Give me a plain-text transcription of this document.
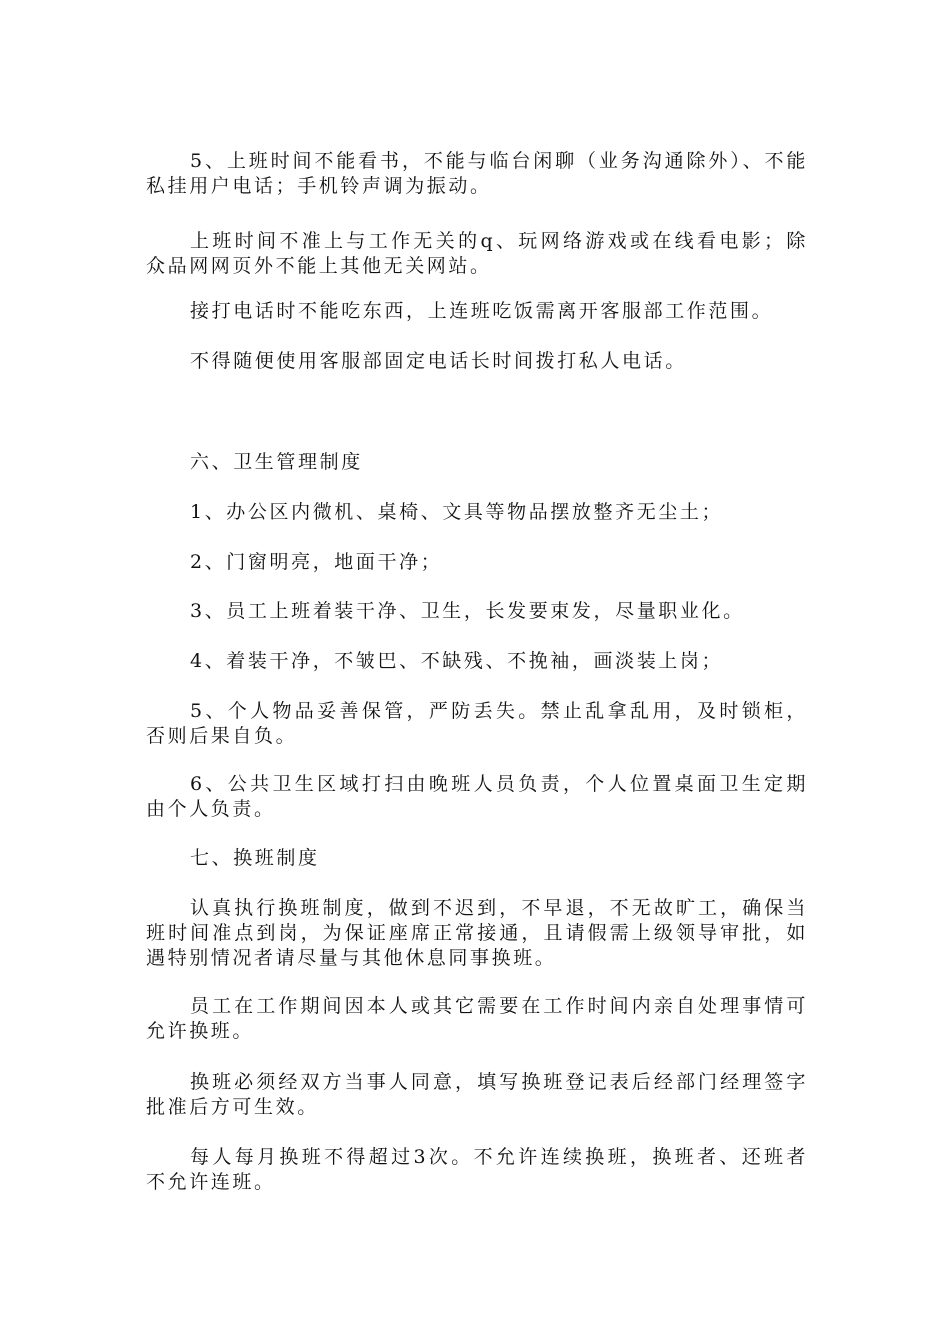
5、上班时间不能看书，不能与临台闲聊（业务沟通除外）、不能私挂用户电话；手机铃声调为振动。

上班时间不准上与工作无关的q、玩网络游戏或在线看电影；除众品网网页外不能上其他无关网站。

接打电话时不能吃东西，上连班吃饭需离开客服部工作范围。

不得随便使用客服部固定电话长时间拨打私人电话。

六、卫生管理制度

1、办公区内微机、桌椅、文具等物品摆放整齐无尘土；

2、门窗明亮，地面干净；

3、员工上班着装干净、卫生，长发要束发，尽量职业化。

4、着装干净，不皱巴、不缺残、不挽袖，画淡装上岗；

5、个人物品妥善保管，严防丢失。禁止乱拿乱用，及时锁柜，否则后果自负。

6、公共卫生区域打扫由晚班人员负责，个人位置桌面卫生定期由个人负责。

七、换班制度

认真执行换班制度，做到不迟到，不早退，不无故旷工，确保当班时间准点到岗，为保证座席正常接通，且请假需上级领导审批，如遇特别情况者请尽量与其他休息同事换班。

员工在工作期间因本人或其它需要在工作时间内亲自处理事情可允许换班。

换班必须经双方当事人同意，填写换班登记表后经部门经理签字批准后方可生效。

每人每月换班不得超过3次。不允许连续换班，换班者、还班者不允许连班。
